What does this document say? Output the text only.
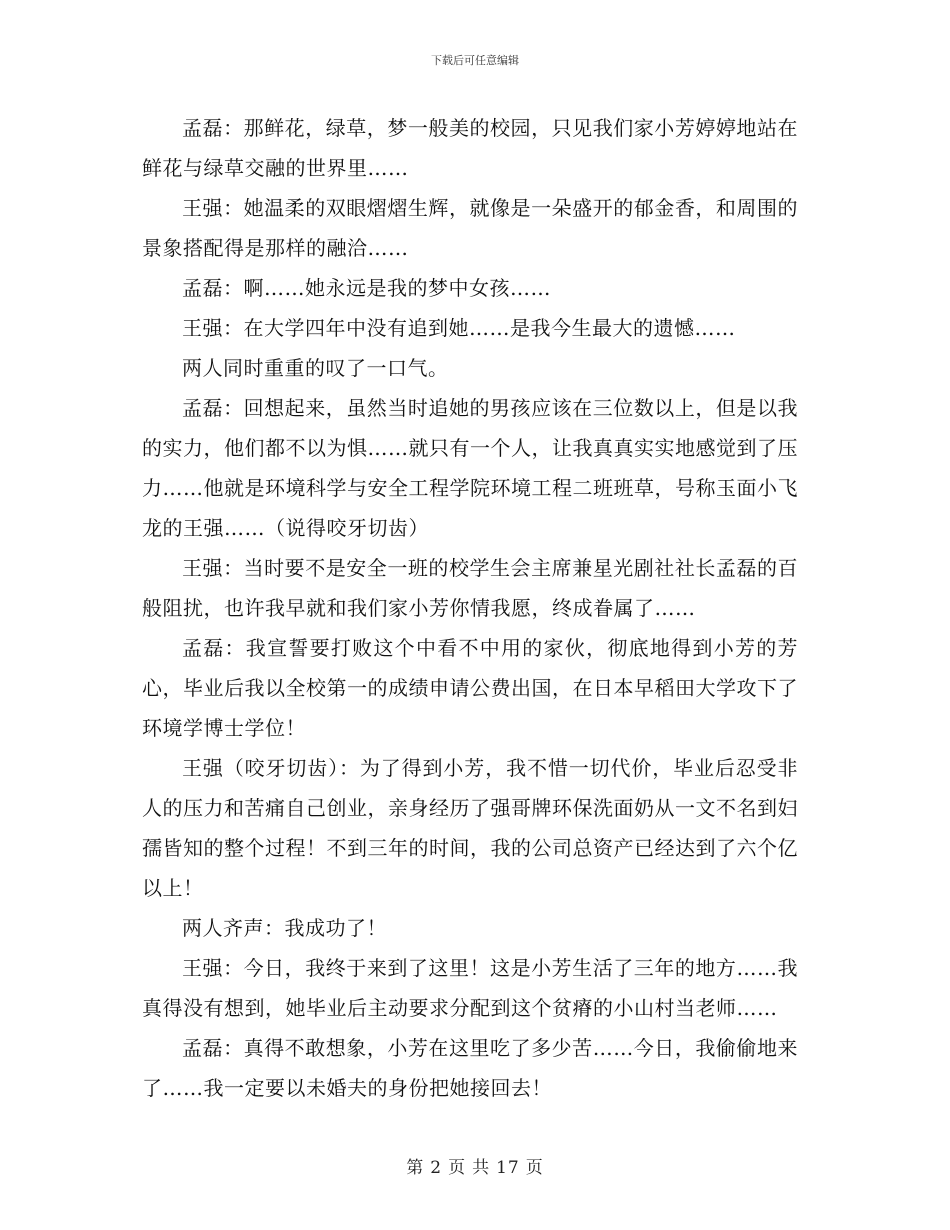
下载后可任意编辑

孟磊：那鲜花，绿草，梦一般美的校园，只见我们家小芳婷婷地站在鲜花与绿草交融的世界里……

王强：她温柔的双眼熠熠生辉，就像是一朵盛开的郁金香，和周围的景象搭配得是那样的融洽……

孟磊：啊……她永远是我的梦中女孩……

王强：在大学四年中没有追到她……是我今生最大的遗憾……

两人同时重重的叹了一口气。

孟磊：回想起来，虽然当时追她的男孩应该在三位数以上，但是以我的实力，他们都不以为惧……就只有一个人，让我真真实实地感觉到了压力……他就是环境科学与安全工程学院环境工程二班班草，号称玉面小飞龙的王强……（说得咬牙切齿）

王强：当时要不是安全一班的校学生会主席兼星光剧社社长孟磊的百般阻扰，也许我早就和我们家小芳你情我愿，终成眷属了……

孟磊：我宣誓要打败这个中看不中用的家伙，彻底地得到小芳的芳心，毕业后我以全校第一的成绩申请公费出国，在日本早稻田大学攻下了环境学博士学位！

王强（咬牙切齿）：为了得到小芳，我不惜一切代价，毕业后忍受非人的压力和苦痛自己创业，亲身经历了强哥牌环保洗面奶从一文不名到妇孺皆知的整个过程！不到三年的时间，我的公司总资产已经达到了六个亿以上！

两人齐声：我成功了！

王强：今日，我终于来到了这里！这是小芳生活了三年的地方……我真得没有想到，她毕业后主动要求分配到这个贫瘠的小山村当老师……

孟磊：真得不敢想象，小芳在这里吃了多少苦……今日，我偷偷地来了……我一定要以未婚夫的身份把她接回去！

第 2 页 共 17 页
